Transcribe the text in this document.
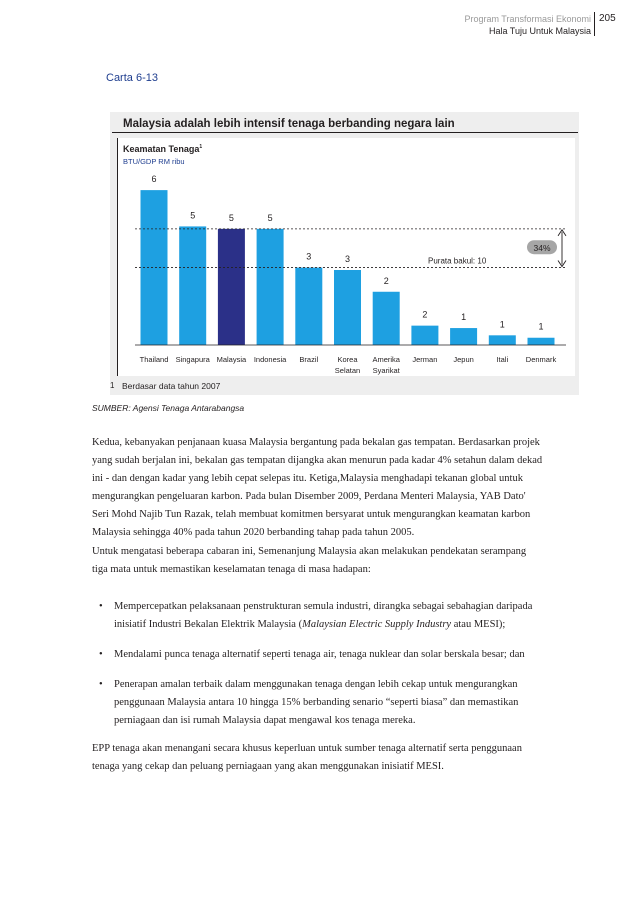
Program Transformasi Ekonomi
Hala Tuju Untuk Malaysia
205
Carta 6-13
Malaysia adalah lebih intensif tenaga berbanding negara lain
Keamatan Tenaga$^1$
BTU/GDP RM ribu
6
Thailand
5
Singapura
5
Malaysia
5
Indonesia
3
Brazil
3
Korea
Selatan
2
Amerika
Syarikat
2
Jerman
1
Jepun
1
Itali
1
Denmark
Purata bakul: 10
34%
1 Berdasar data tahun 2007
SUMBER: Agensi Tenaga Antarabangsa

Kedua, kebanyakan penjanaan kuasa Malaysia bergantung pada bekalan gas tempatan. Berdasarkan projek
yang sudah berjalan ini, bekalan gas tempatan dijangka akan menurun pada kadar 4% setahun dalam dekad
ini - dan dengan kadar yang lebih cepat selepas itu. Ketiga,Malaysia menghadapi tekanan global untuk
mengurangkan pengeluaran karbon. Pada bulan Disember 2009, Perdana Menteri Malaysia, YAB Dato'
Seri Mohd Najib Tun Razak, telah membuat komitmen bersyarat untuk mengurangkan keamatan karbon
Malaysia sehingga 40% pada tahun 2020 berbanding tahap pada tahun 2005.

Untuk mengatasi beberapa cabaran ini, Semenanjung Malaysia akan melakukan pendekatan serampang
tiga mata untuk memastikan keselamatan tenaga di masa hadapan:

• Mempercepatkan pelaksanaan penstrukturan semula industri, dirangka sebagai sebahagian daripada
inisiatif Industri Bekalan Elektrik Malaysia (Malaysian Electric Supply Industry atau MESI);
• Mendalami punca tenaga alternatif seperti tenaga air, tenaga nuklear dan solar berskala besar; dan
• Penerapan amalan terbaik dalam menggunakan tenaga dengan lebih cekap untuk mengurangkan
penggunaan Malaysia antara 10 hingga 15% berbanding senario “seperti biasa” dan memastikan
perniagaan dan isi rumah Malaysia dapat mengawal kos tenaga mereka.

EPP tenaga akan menangani secara khusus keperluan untuk sumber tenaga alternatif serta penggunaan
tenaga yang cekap dan peluang perniagaan yang akan menggunakan inisiatif MESI.
